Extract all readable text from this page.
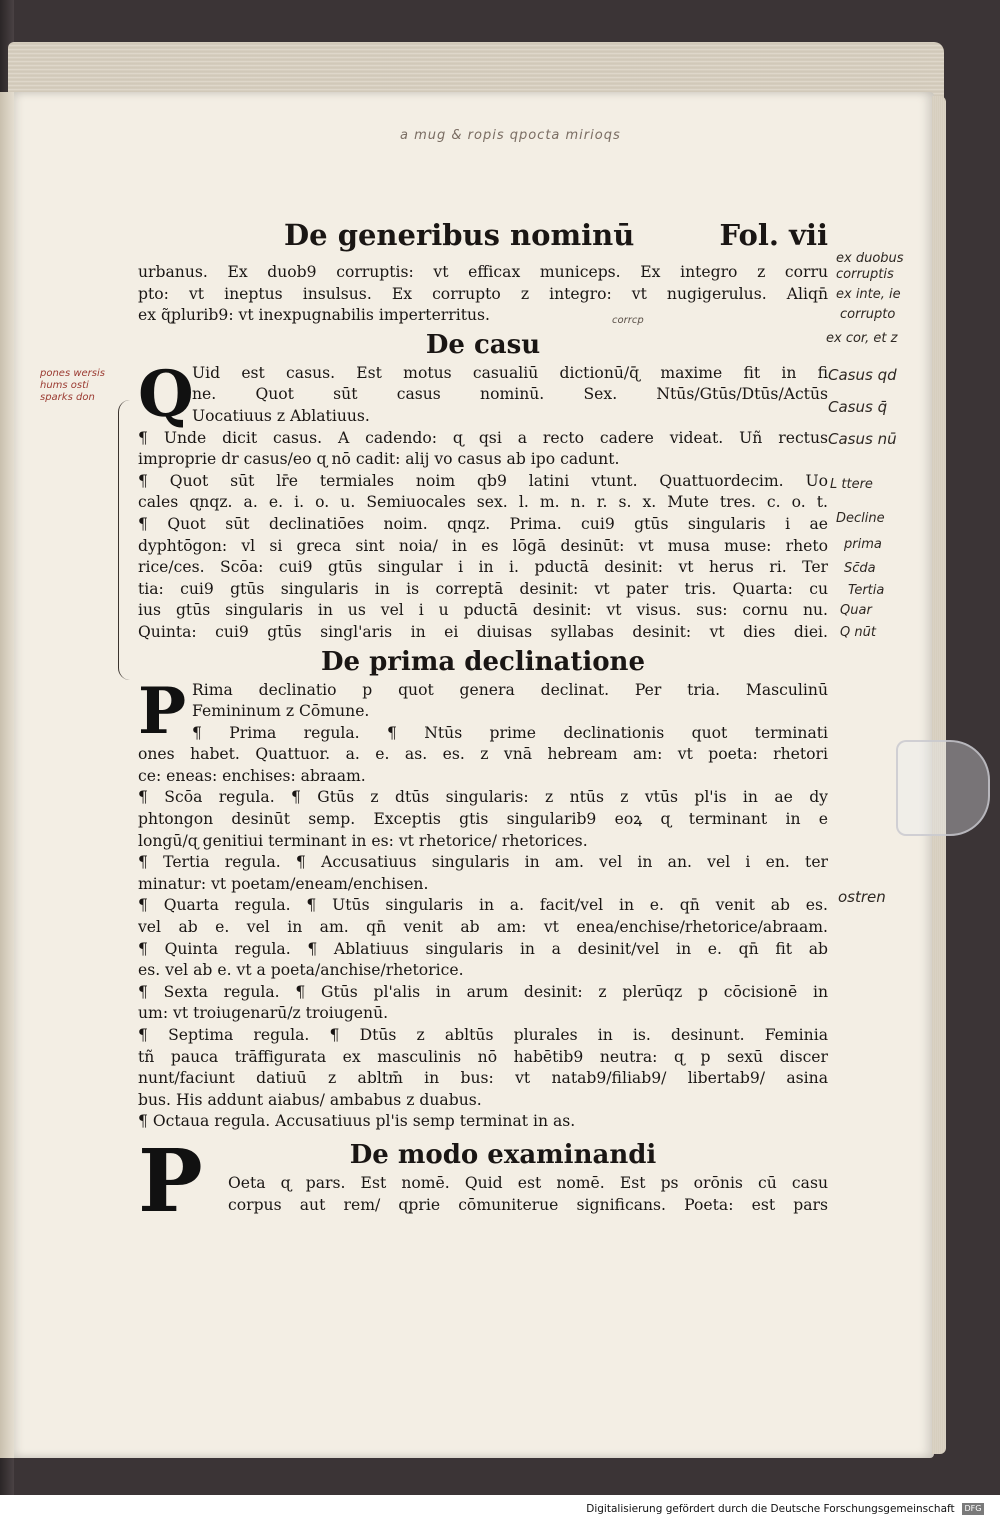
a mug & ropis qpocta mirioqs
pones wersis
hums osti
sparks don
De generibus nominū	Fol. vii
urbanus. Ex duob9 corruptis: vt efficax municeps. Ex integro z corru
pto: vt ineptus insulsus. Ex corrupto z integro: vt nugigerulus. Aliqn̄
ex ɋ̃plurib9: vt inexpugnabilis imperterritus.
De casu
Q
Uid est casus. Est motus casualiū dictionū/ɋ̄ maxime fit in fi
ne. Quot sūt casus nominū. Sex. Ntūs/Gtūs/Dtūs/Actūs
Uocatiuus z Ablatiuus.
¶ Unde dicit casus. A cadendo: ɋ qsi a recto cadere videat. Uñ rectus
improprie dr casus/eo ɋ nō cadit: alij vo casus ab ipo cadunt.
¶ Quot sūt lr̄e termiales noim qb9 latini vtunt. Quattuordecim. Uo
cales ɋnqz. a. e. i. o. u. Semiuocales sex. l. m. n. r. s. x. Mute tres. c. o. t.
¶ Quot sūt declinatiōes noim. ɋnqz. Prima. cui9 gtūs singularis i ae
dyphtōgon: vl si greca sint noia/ in es lōgā desinūt: vt musa muse: rheto
rice/ces. Scōa: cui9 gtūs singular i in i. pductā desinit: vt herus ri. Ter
tia: cui9 gtūs singularis in is correptā desinit: vt pater tris. Quarta: cu
ius gtūs singularis in us vel i u pductā desinit: vt visus. sus: cornu nu.
Quinta: cui9 gtūs singl'aris in ei diuisas syllabas desinit: vt dies diei.
De prima declinatione
P Rima declinatio p quot genera declinat. Per tria. Masculinū
Femininum z Cōmune.
¶ Prima regula. ¶ Ntūs prime declinationis quot terminati
ones habet. Quattuor. a. e. as. es. z vnā hebream am: vt poeta: rhetori
ce: eneas: enchises: abraam.
¶ Scōa regula. ¶ Gtūs z dtūs singularis: z ntūs z vtūs pl'is in ae dy
phtongon desinūt semp. Exceptis gtis singularib9 eoꝝ ɋ terminant in e
longū/ɋ genitiui terminant in es: vt rhetorice/ rhetorices.
¶ Tertia regula. ¶ Accusatiuus singularis in am. vel in an. vel i en. ter
minatur: vt poetam/eneam/enchisen.
¶ Quarta regula. ¶ Utūs singularis in a. facit/vel in e. qn̄ venit ab es.
vel ab e. vel in am. qn̄ venit ab am: vt enea/enchise/rhetorice/abraam.
¶ Quinta regula. ¶ Ablatiuus singularis in a desinit/vel in e. qn̄ fit ab
es. vel ab e. vt a poeta/anchise/rhetorice.
¶ Sexta regula. ¶ Gtūs pl'alis in arum desinit: z plerūqz p cōcisionē in
um: vt troiugenarū/z troiugenū.
¶ Septima regula. ¶ Dtūs z abltūs plurales in is. desinunt. Feminia
tñ pauca trāffigurata ex masculinis nō habētib9 neutra: ɋ p sexū discer
nunt/faciunt datiuū z abltm̄ in bus: vt natab9/filiab9/ libertab9/ asina
bus. His addunt aiabus/ ambabus z duabus.
¶ Octaua regula. Accusatiuus pl'is semp terminat in as.
P	De modo examinandi
Oeta ɋ pars. Est nomē. Quid est nomē. Est ps orōnis cū casu
corpus aut rem/ ɋprie cōmuniterue significans. Poeta: est pars
ex duobus
corruptis
ex inte, ie
corrupto
ex cor, et z
Casus qd
Casus q̄
Casus nū
L ttere
Decline
prima
Sc̄da
Tertia
Quar
Q nūt
corrcp
ostren
Digitalisierung gefördert durch die Deutsche Forschungsgemeinschaft DFG
